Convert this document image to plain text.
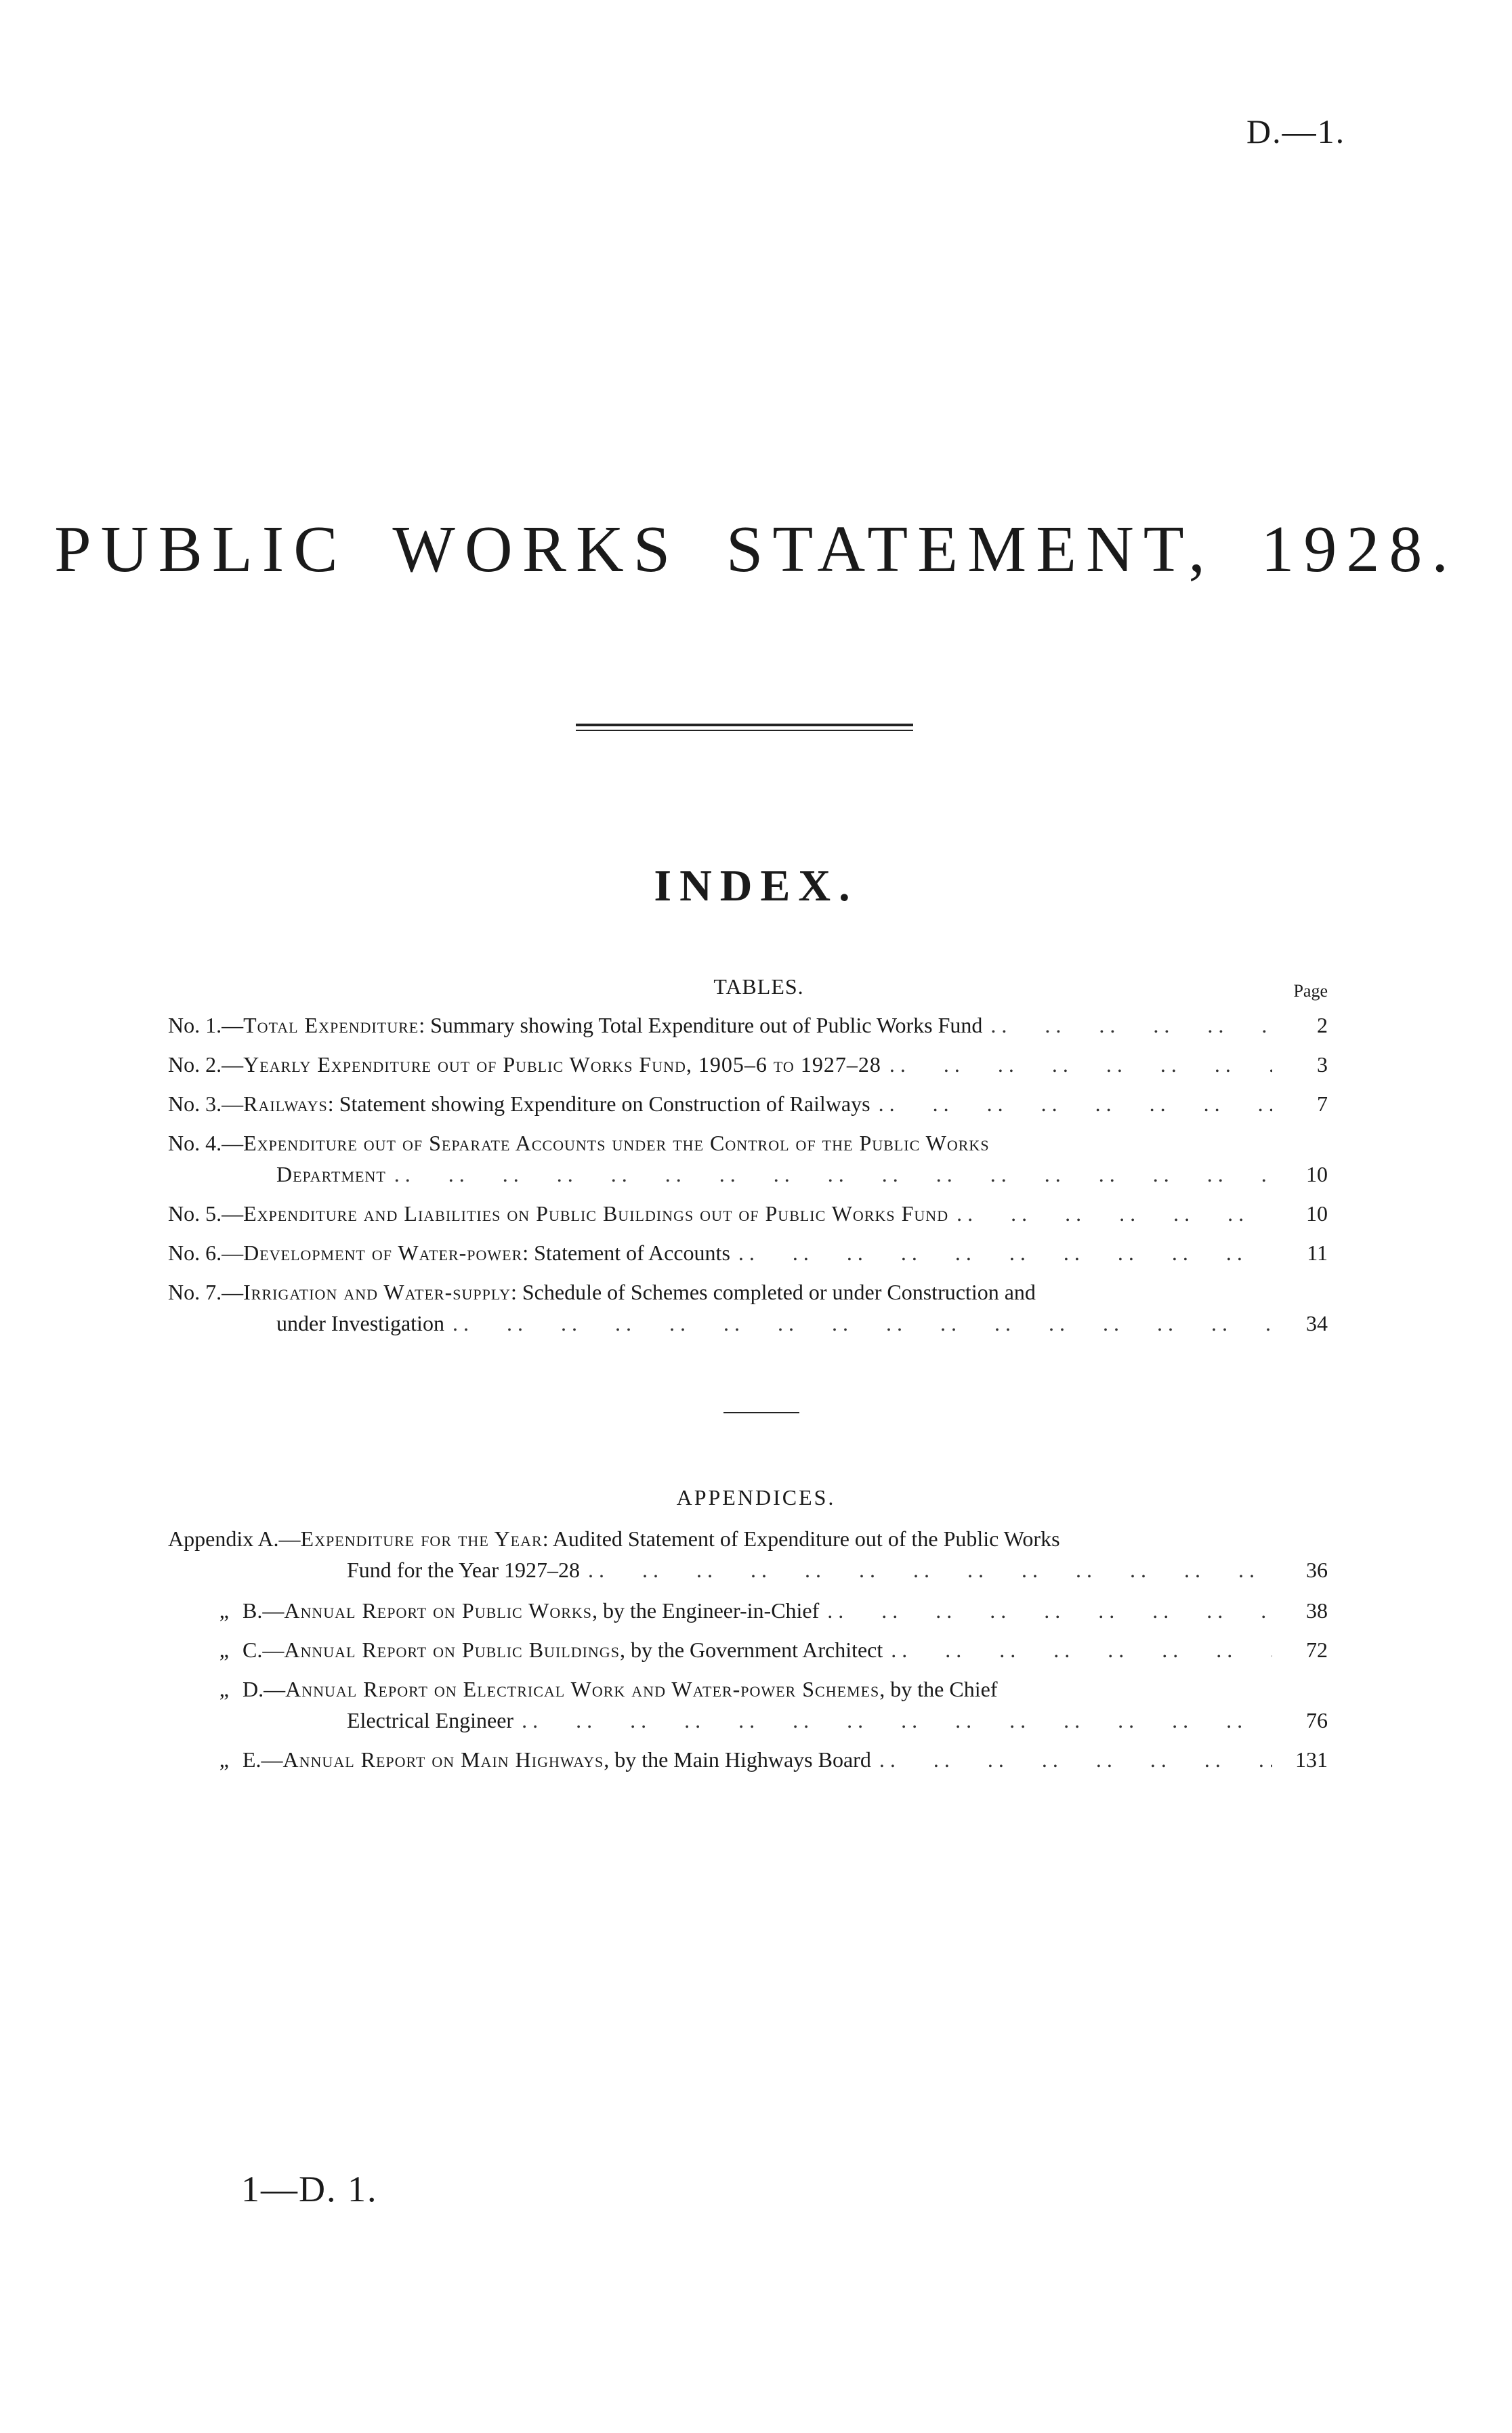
D.—1.
PUBLIC WORKS STATEMENT, 1928.
INDEX.
TABLES.	Page
No. 1.—Total Expenditure: Summary showing Total Expenditure out of Public Works Fund . .	2
No. 2.—Yearly Expenditure out of Public Works Fund, 1905–6 to 1927–28 . .	3
No. 3.—Railways: Statement showing Expenditure on Construction of Railways . .	7
No. 4.—Expenditure out of Separate Accounts under the Control of the Public Works
Department . .	10
No. 5.—Expenditure and Liabilities on Public Buildings out of Public Works Fund . .	10
No. 6.—Development of Water-power: Statement of Accounts . .	11
No. 7.—Irrigation and Water-supply: Schedule of Schemes completed or under Construction and
under Investigation . .	34
APPENDICES.
Appendix A.—Expenditure for the Year: Audited Statement of Expenditure out of the Public Works
Fund for the Year 1927–28 . .	36
„ B.—Annual Report on Public Works, by the Engineer-in-Chief . .	38
„ C.—Annual Report on Public Buildings, by the Government Architect . .	72
„ D.—Annual Report on Electrical Work and Water-power Schemes, by the Chief
Electrical Engineer . .	76
„ E.—Annual Report on Main Highways, by the Main Highways Board . .	131
1—D. 1.
